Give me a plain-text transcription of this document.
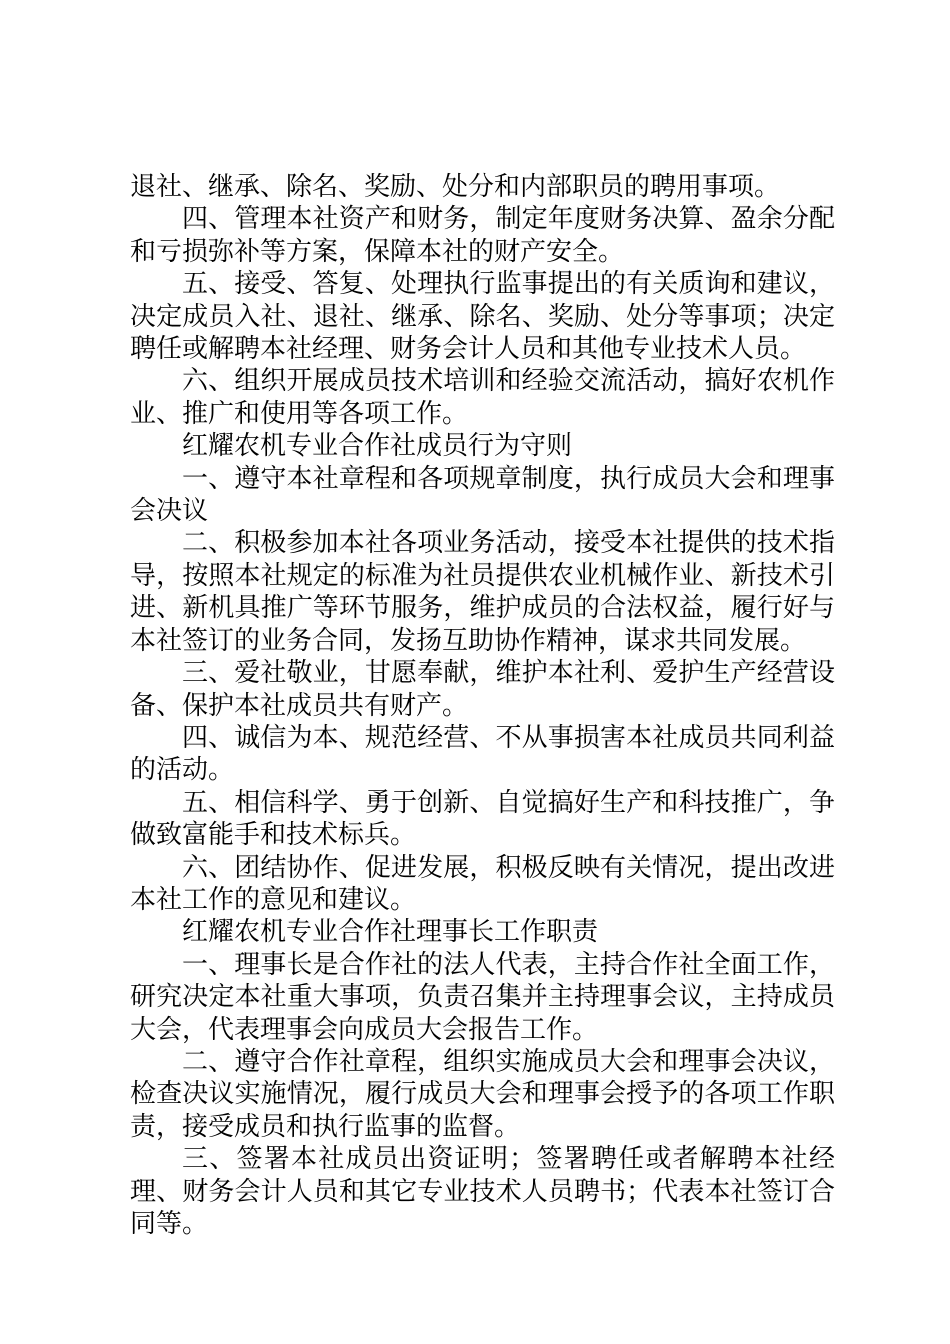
退社、继承、除名、奖励、处分和内部职员的聘用事项。

四、管理本社资产和财务，制定年度财务决算、盈余分配和亏损弥补等方案，保障本社的财产安全。

五、接受、答复、处理执行监事提出的有关质询和建议，决定成员入社、退社、继承、除名、奖励、处分等事项；决定聘任或解聘本社经理、财务会计人员和其他专业技术人员。

六、组织开展成员技术培训和经验交流活动，搞好农机作业、推广和使用等各项工作。

红耀农机专业合作社成员行为守则

一、遵守本社章程和各项规章制度，执行成员大会和理事会决议

二、积极参加本社各项业务活动，接受本社提供的技术指导，按照本社规定的标准为社员提供农业机械作业、新技术引进、新机具推广等环节服务，维护成员的合法权益，履行好与本社签订的业务合同，发扬互助协作精神，谋求共同发展。

三、爱社敬业，甘愿奉献，维护本社利、爱护生产经营设备、保护本社成员共有财产。

四、诚信为本、规范经营、不从事损害本社成员共同利益的活动。

五、相信科学、勇于创新、自觉搞好生产和科技推广，争做致富能手和技术标兵。

六、团结协作、促进发展，积极反映有关情况，提出改进本社工作的意见和建议。

红耀农机专业合作社理事长工作职责

一、理事长是合作社的法人代表，主持合作社全面工作，研究决定本社重大事项，负责召集并主持理事会议，主持成员大会，代表理事会向成员大会报告工作。

二、遵守合作社章程，组织实施成员大会和理事会决议，检查决议实施情况，履行成员大会和理事会授予的各项工作职责，接受成员和执行监事的监督。

三、签署本社成员出资证明；签署聘任或者解聘本社经理、财务会计人员和其它专业技术人员聘书；代表本社签订合同等。
